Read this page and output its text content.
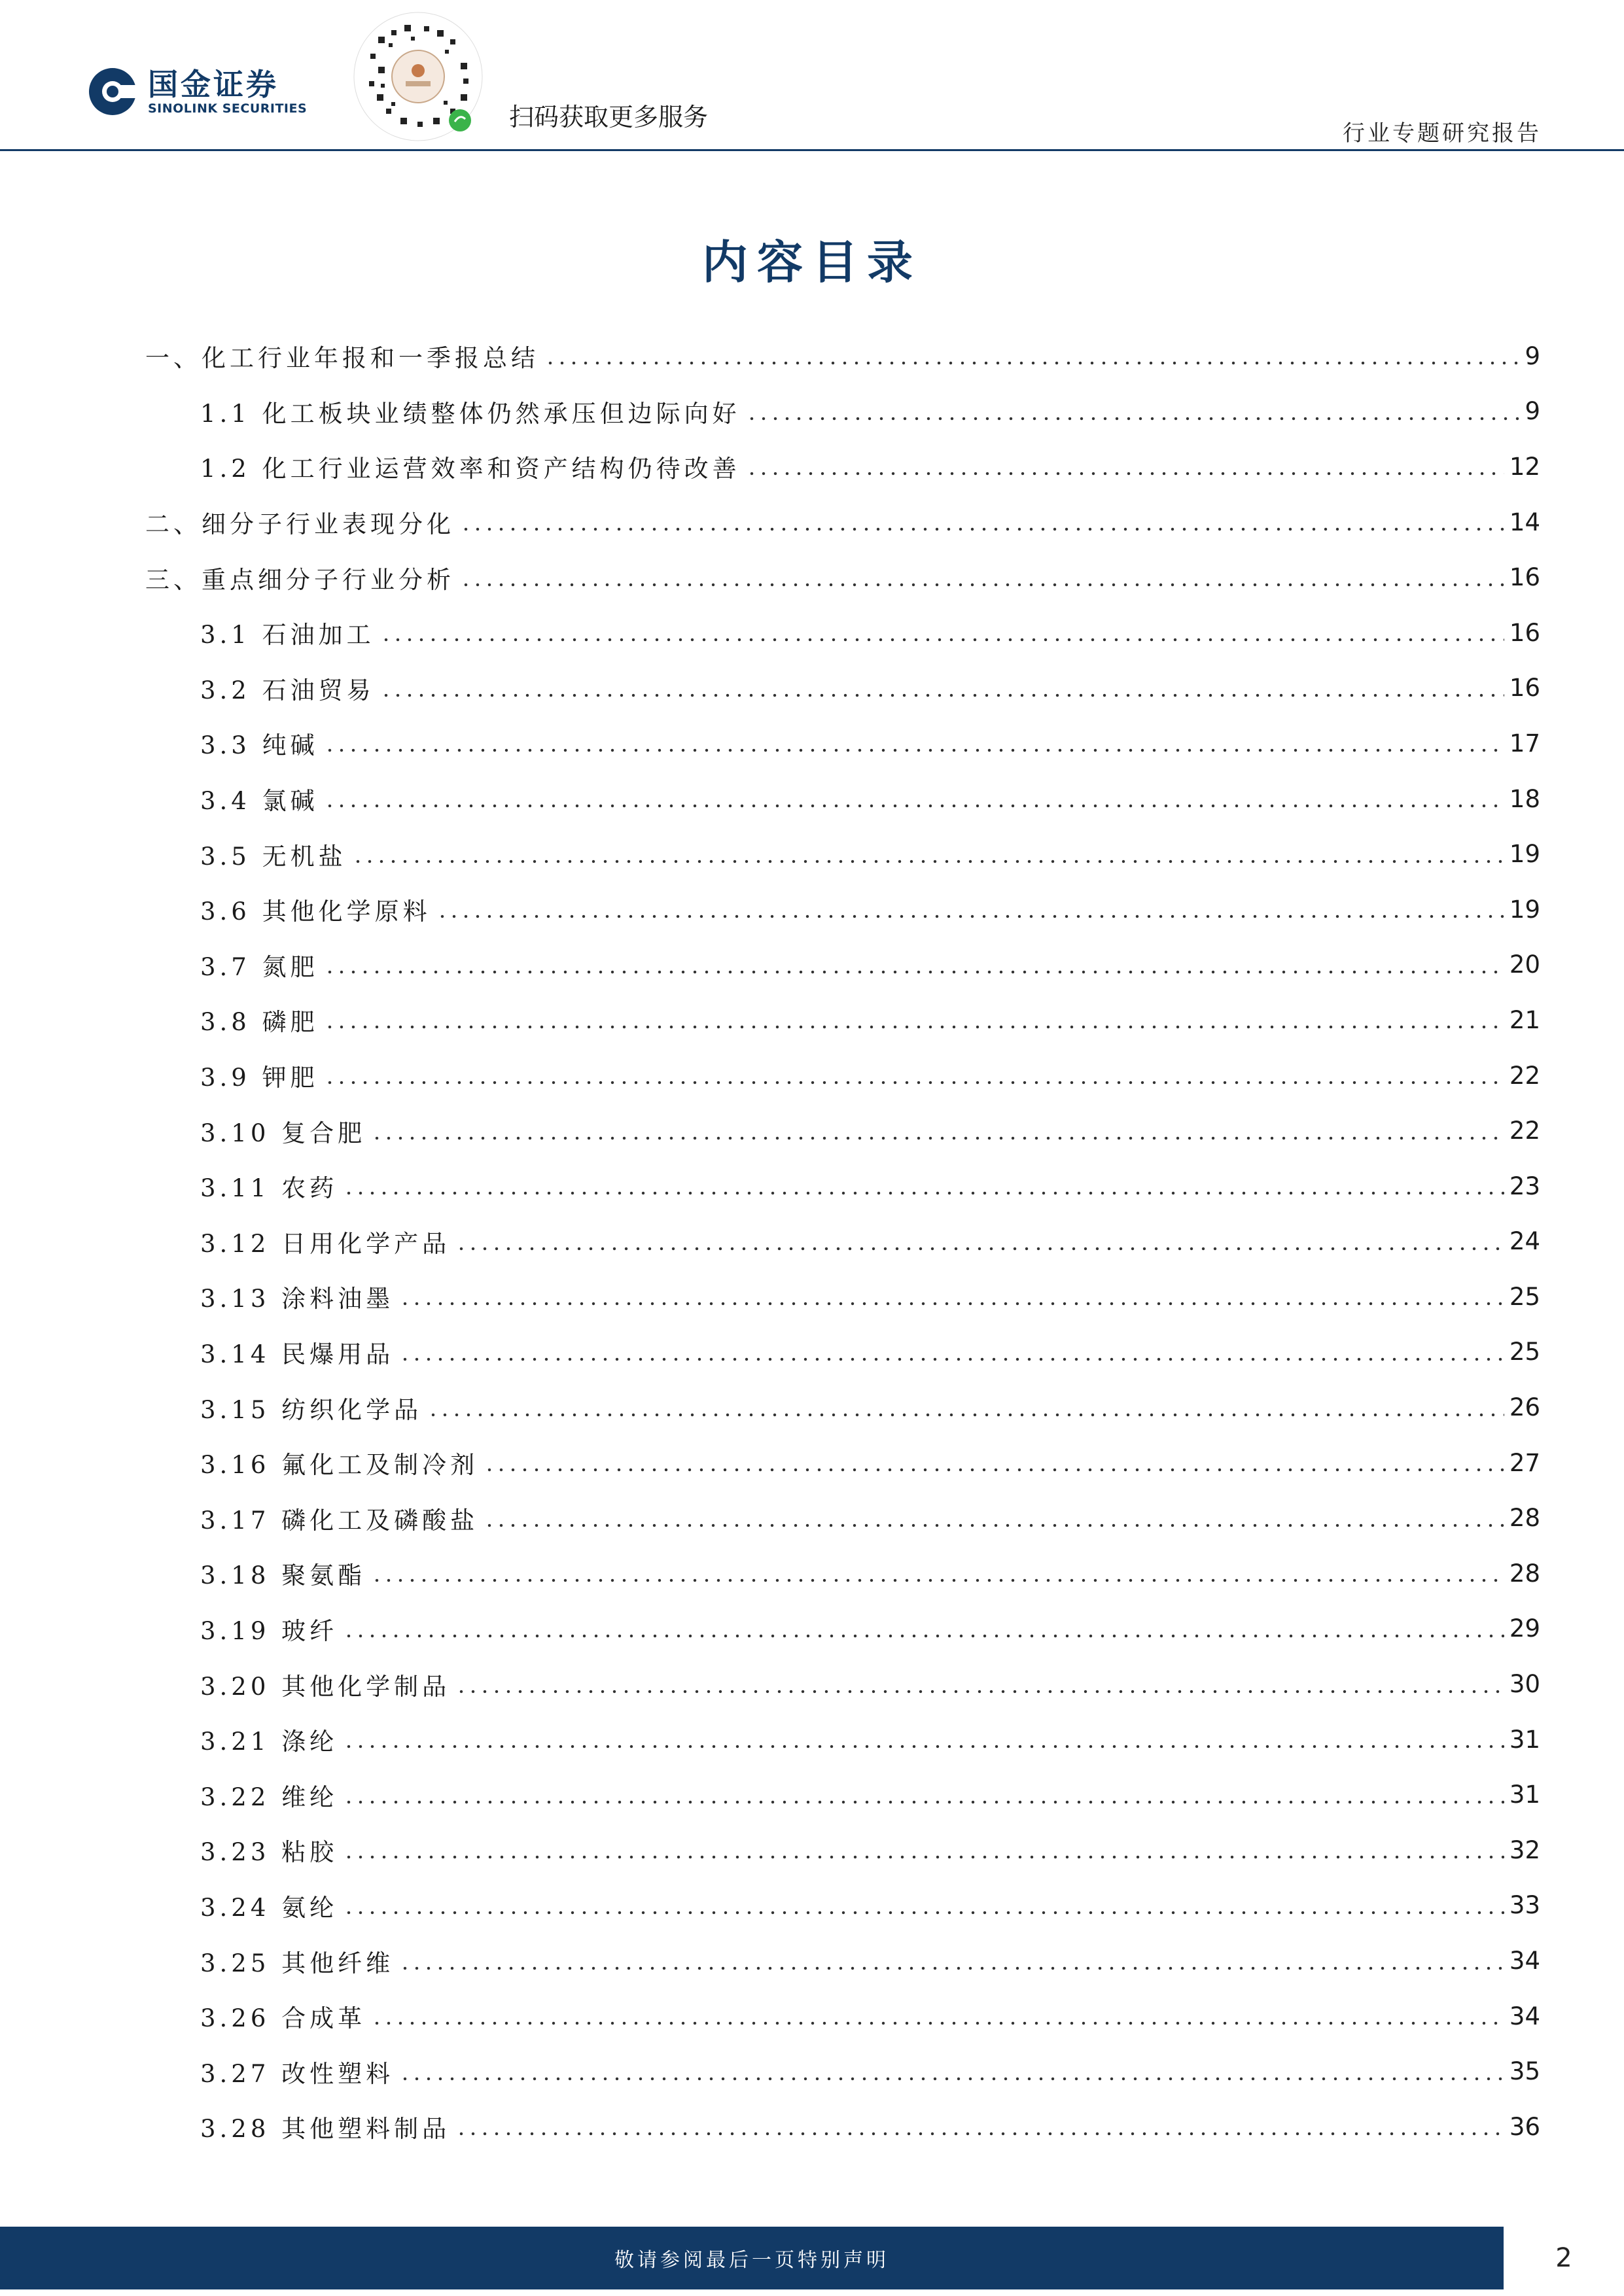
国金证券
SINOLINK SECURITIES	扫码获取更多服务
行业专题研究报告
内容目录
一、化工行业年报和一季报总结	9
1.1 化工板块业绩整体仍然承压但边际向好	9
1.2 化工行业运营效率和资产结构仍待改善	12
二、细分子行业表现分化	14
三、重点细分子行业分析	16
3.1 石油加工	16
3.2 石油贸易	16
3.3 纯碱	17
3.4 氯碱	18
3.5 无机盐	19
3.6 其他化学原料	19
3.7 氮肥	20
3.8 磷肥	21
3.9 钾肥	22
3.10 复合肥	22
3.11 农药	23
3.12 日用化学产品	24
3.13 涂料油墨	25
3.14 民爆用品	25
3.15 纺织化学品	26
3.16 氟化工及制冷剂	27
3.17 磷化工及磷酸盐	28
3.18 聚氨酯	28
3.19 玻纤	29
3.20 其他化学制品	30
3.21 涤纶	31
3.22 维纶	31
3.23 粘胶	32
3.24 氨纶	33
3.25 其他纤维	34
3.26 合成革	34
3.27 改性塑料	35
3.28 其他塑料制品	36
敬请参阅最后一页特别声明	2
